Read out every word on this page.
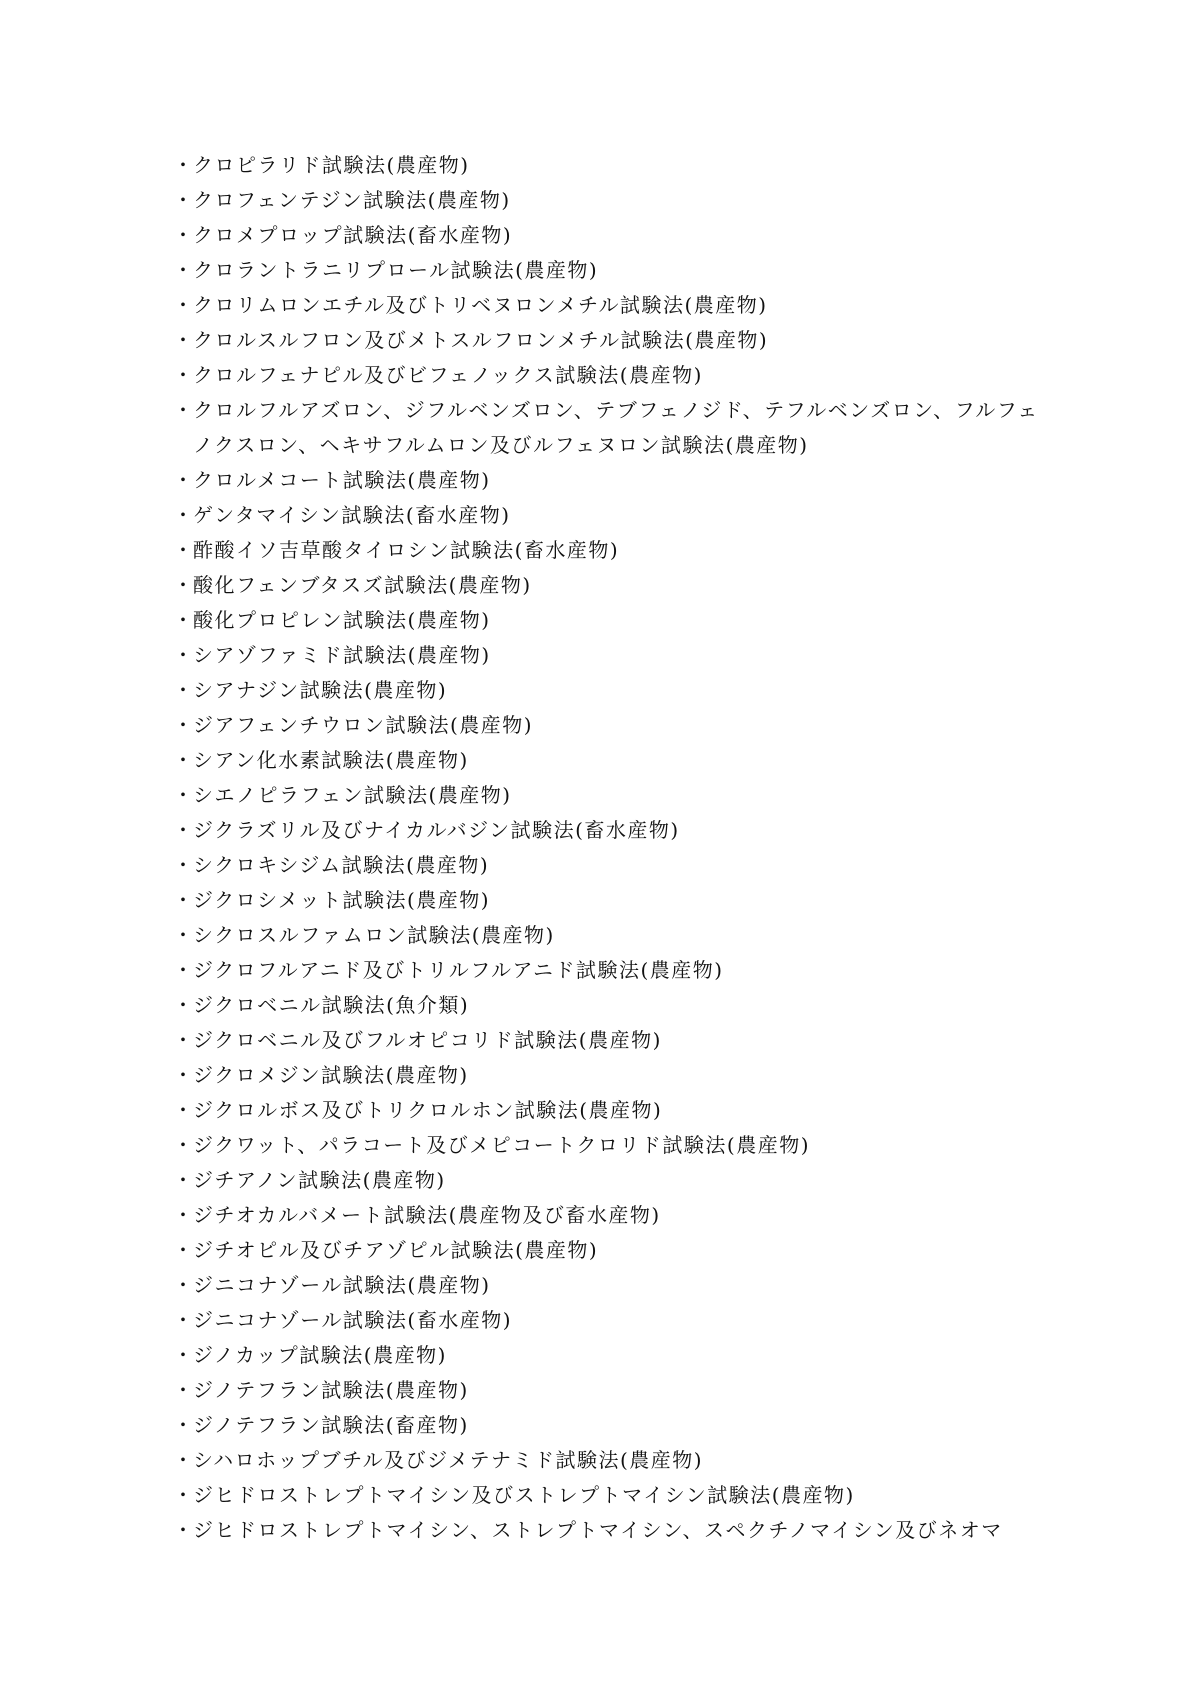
・
クロピラリド試験法(農産物)
・
クロフェンテジン試験法(農産物)
・
クロメプロップ試験法(畜水産物)
・
クロラントラニリプロール試験法(農産物)
・
クロリムロンエチル及びトリベヌロンメチル試験法(農産物)
・
クロルスルフロン及びメトスルフロンメチル試験法(農産物)
・
クロルフェナピル及びビフェノックス試験法(農産物)
・
クロルフルアズロン、ジフルベンズロン、テブフェノジド、テフルベンズロン、フルフェノクスロン、ヘキサフルムロン及びルフェヌロン試験法(農産物)
・
クロルメコート試験法(農産物)
・
ゲンタマイシン試験法(畜水産物)
・
酢酸イソ吉草酸タイロシン試験法(畜水産物)
・
酸化フェンブタスズ試験法(農産物)
・
酸化プロピレン試験法(農産物)
・
シアゾファミド試験法(農産物)
・
シアナジン試験法(農産物)
・
ジアフェンチウロン試験法(農産物)
・
シアン化水素試験法(農産物)
・
シエノピラフェン試験法(農産物)
・
ジクラズリル及びナイカルバジン試験法(畜水産物)
・
シクロキシジム試験法(農産物)
・
ジクロシメット試験法(農産物)
・
シクロスルファムロン試験法(農産物)
・
ジクロフルアニド及びトリルフルアニド試験法(農産物)
・
ジクロベニル試験法(魚介類)
・
ジクロベニル及びフルオピコリド試験法(農産物)
・
ジクロメジン試験法(農産物)
・
ジクロルボス及びトリクロルホン試験法(農産物)
・
ジクワット、パラコート及びメピコートクロリド試験法(農産物)
・
ジチアノン試験法(農産物)
・
ジチオカルバメート試験法(農産物及び畜水産物)
・
ジチオピル及びチアゾピル試験法(農産物)
・
ジニコナゾール試験法(農産物)
・
ジニコナゾール試験法(畜水産物)
・
ジノカップ試験法(農産物)
・
ジノテフラン試験法(農産物)
・
ジノテフラン試験法(畜産物)
・
シハロホップブチル及びジメテナミド試験法(農産物)
・
ジヒドロストレプトマイシン及びストレプトマイシン試験法(農産物)
・
ジヒドロストレプトマイシン、ストレプトマイシン、スペクチノマイシン及びネオマ
